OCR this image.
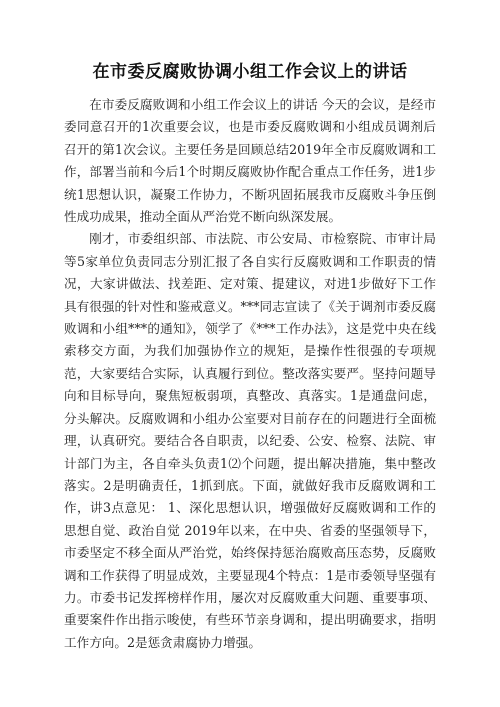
在市委反腐败协调小组工作会议上的讲话

在市委反腐败调和小组工作会议上的讲话 今天的会议，是经市委同意召开的1次重要会议，也是市委反腐败调和小组成员调剂后召开的第1次会议。主要任务是回顾总结2019年全市反腐败调和工作，部署当前和今后1个时期反腐败协作配合重点工作任务，进1步统1思想认识，凝聚工作协力，不断巩固拓展我市反腐败斗争压倒性成功成果，推动全面从严治党不断向纵深发展。

刚才，市委组织部、市法院、市公安局、市检察院、市审计局等5家单位负责同志分别汇报了各自实行反腐败调和工作职责的情况，大家讲做法、找差距、定对策、提建议，对进1步做好下工作具有很强的针对性和鉴戒意义。***同志宣读了《关于调剂市委反腐败调和小组***的通知》，领学了《***工作办法》，这是党中央在线索移交方面，为我们加强协作立的规矩，是操作性很强的专项规范，大家要结合实际，认真履行到位。整改落实要严。坚持问题导向和目标导向，聚焦短板弱项，真整改、真落实。1是通盘问虑，分头解决。反腐败调和小组办公室要对目前存在的问题进行全面梳理，认真研究。要结合各自职责，以纪委、公安、检察、法院、审计部门为主，各自牵头负责1⑵个问题，提出解决措施，集中整改落实。2是明确责任，1抓到底。下面，就做好我市反腐败调和工作，讲3点意见： 1、深化思想认识，增强做好反腐败调和工作的思想自觉、政治自觉 2019年以来，在中央、省委的坚强领导下，市委坚定不移全面从严治党，始终保持惩治腐败高压态势，反腐败调和工作获得了明显成效，主要显现4个特点：1是市委领导坚强有力。市委书记发挥榜样作用，屡次对反腐败重大问题、重要事项、重要案件作出指示唆使，有些环节亲身调和，提出明确要求，指明工作方向。2是惩贪肃腐协力增强。
